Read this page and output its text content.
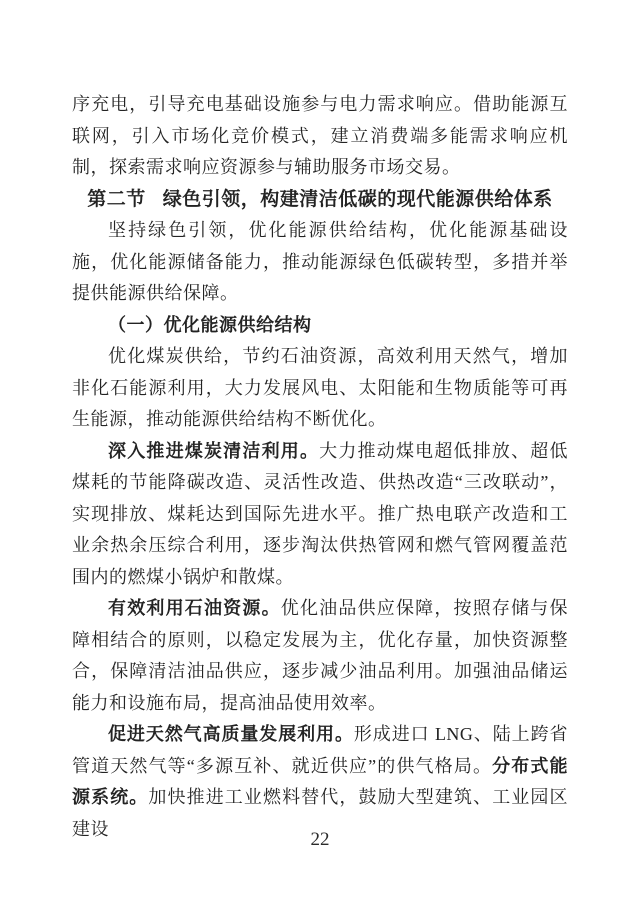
序充电，引导充电基础设施参与电力需求响应。借助能源互联网，引入市场化竞价模式，建立消费端多能需求响应机制，探索需求响应资源参与辅助服务市场交易。

第二节 绿色引领，构建清洁低碳的现代能源供给体系

坚持绿色引领，优化能源供给结构，优化能源基础设施，优化能源储备能力，推动能源绿色低碳转型，多措并举提供能源供给保障。

（一）优化能源供给结构

优化煤炭供给，节约石油资源，高效利用天然气，增加非化石能源利用，大力发展风电、太阳能和生物质能等可再生能源，推动能源供给结构不断优化。

深入推进煤炭清洁利用。大力推动煤电超低排放、超低煤耗的节能降碳改造、灵活性改造、供热改造“三改联动”，实现排放、煤耗达到国际先进水平。推广热电联产改造和工业余热余压综合利用，逐步淘汰供热管网和燃气管网覆盖范围内的燃煤小锅炉和散煤。

有效利用石油资源。优化油品供应保障，按照存储与保障相结合的原则，以稳定发展为主，优化存量，加快资源整合，保障清洁油品供应，逐步减少油品利用。加强油品储运能力和设施布局，提高油品使用效率。

促进天然气高质量发展利用。形成进口 LNG、陆上跨省管道天然气等“多源互补、就近供应”的供气格局。分布式能源系统。加快推进工业燃料替代，鼓励大型建筑、工业园区建设

22
